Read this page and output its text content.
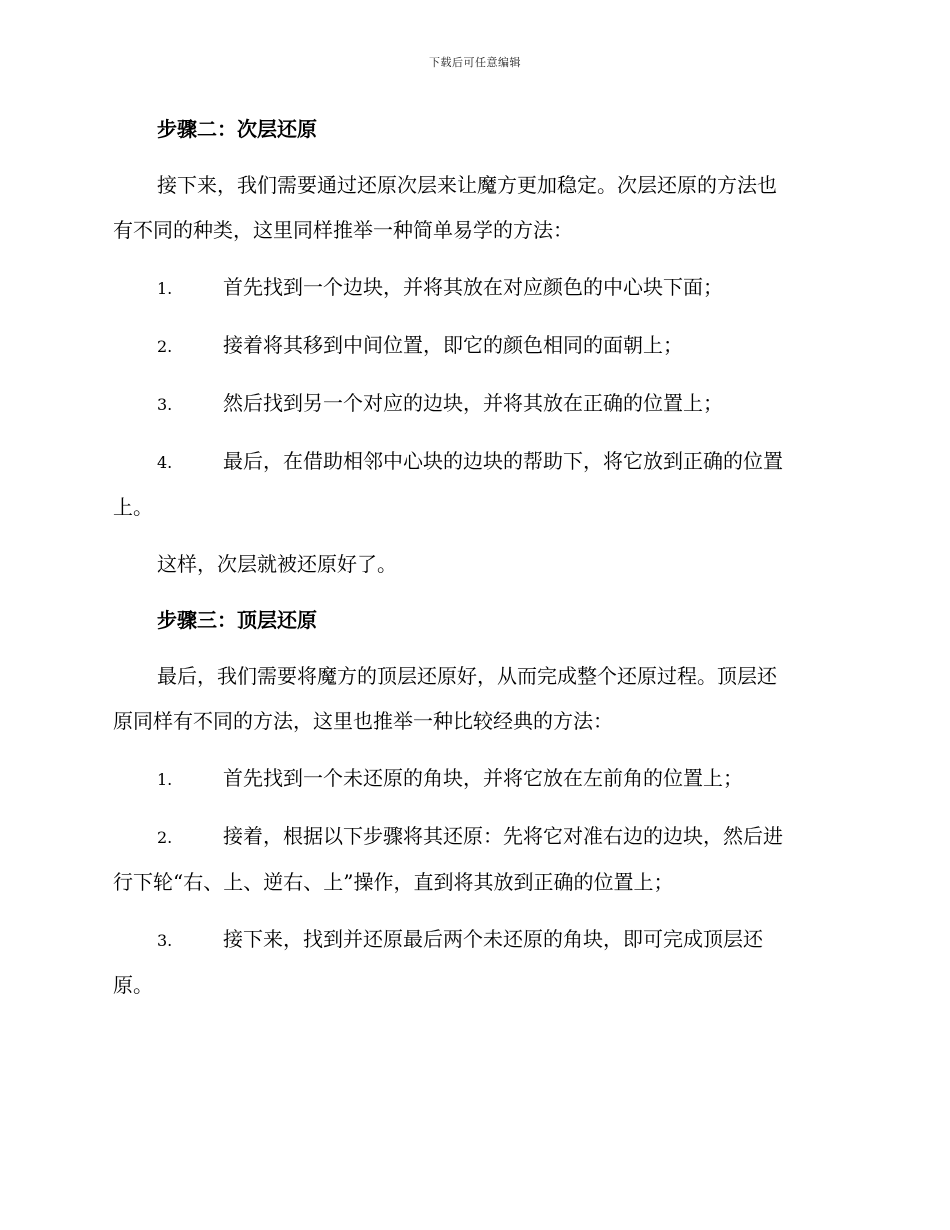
下载后可任意编辑
步骤二：次层还原
接下来，我们需要通过还原次层来让魔方更加稳定。次层还原的方法也
有不同的种类，这里同样推举一种简单易学的方法：
1.	首先找到一个边块，并将其放在对应颜色的中心块下面；
2.	接着将其移到中间位置，即它的颜色相同的面朝上；
3.	然后找到另一个对应的边块，并将其放在正确的位置上；
4.	最后，在借助相邻中心块的边块的帮助下，将它放到正确的位置
上。
这样，次层就被还原好了。
步骤三：顶层还原
最后，我们需要将魔方的顶层还原好，从而完成整个还原过程。顶层还
原同样有不同的方法，这里也推举一种比较经典的方法：
1.	首先找到一个未还原的角块，并将它放在左前角的位置上；
2.	接着，根据以下步骤将其还原：先将它对准右边的边块，然后进
行下轮“右、上、逆右、上”操作，直到将其放到正确的位置上；
3.	接下来，找到并还原最后两个未还原的角块，即可完成顶层还
原。
